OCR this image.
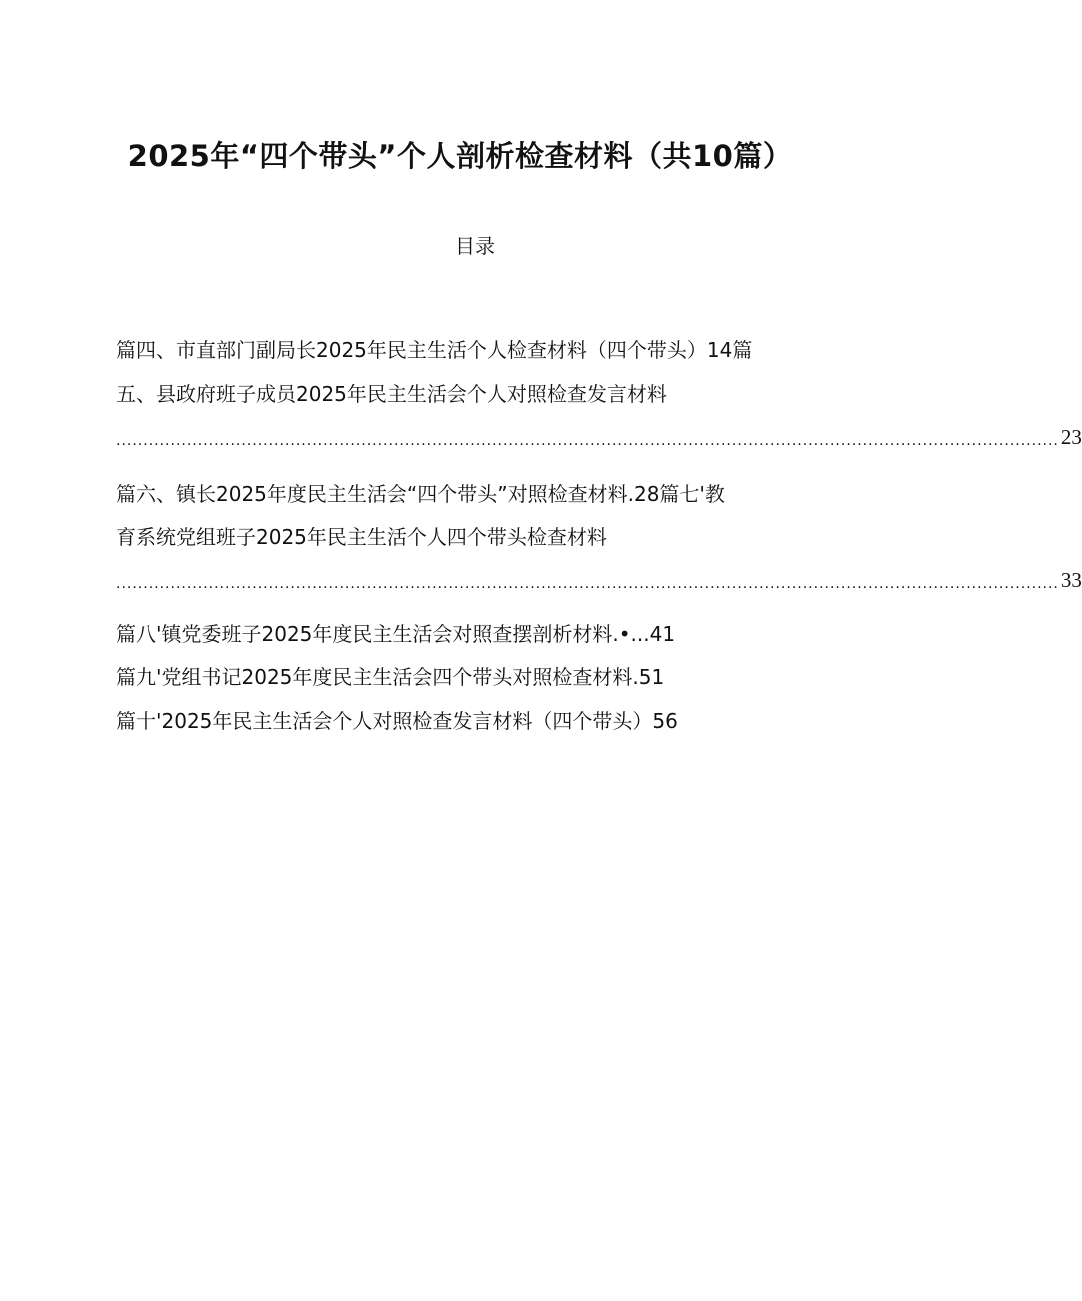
2025年“四个带头”个人剖析检查材料（共10篇）
目录
篇四、市直部门副局长2025年民主生活个人检查材料（四个带头）14篇
五、县政府班子成员2025年民主生活会个人对照检查发言材料
............................................................................................................................................................................. 23
篇六、镇长2025年度民主生活会“四个带头”对照检查材料.28篇七'教
育系统党组班子2025年民主生活个人四个带头检查材料
............................................................................................................................................................................. 33
篇八'镇党委班子2025年度民主生活会对照查摆剖析材料.•...41
篇九'党组书记2025年度民主生活会四个带头对照检查材料.51
篇十'2025年民主生活会个人对照检查发言材料（四个带头）56
